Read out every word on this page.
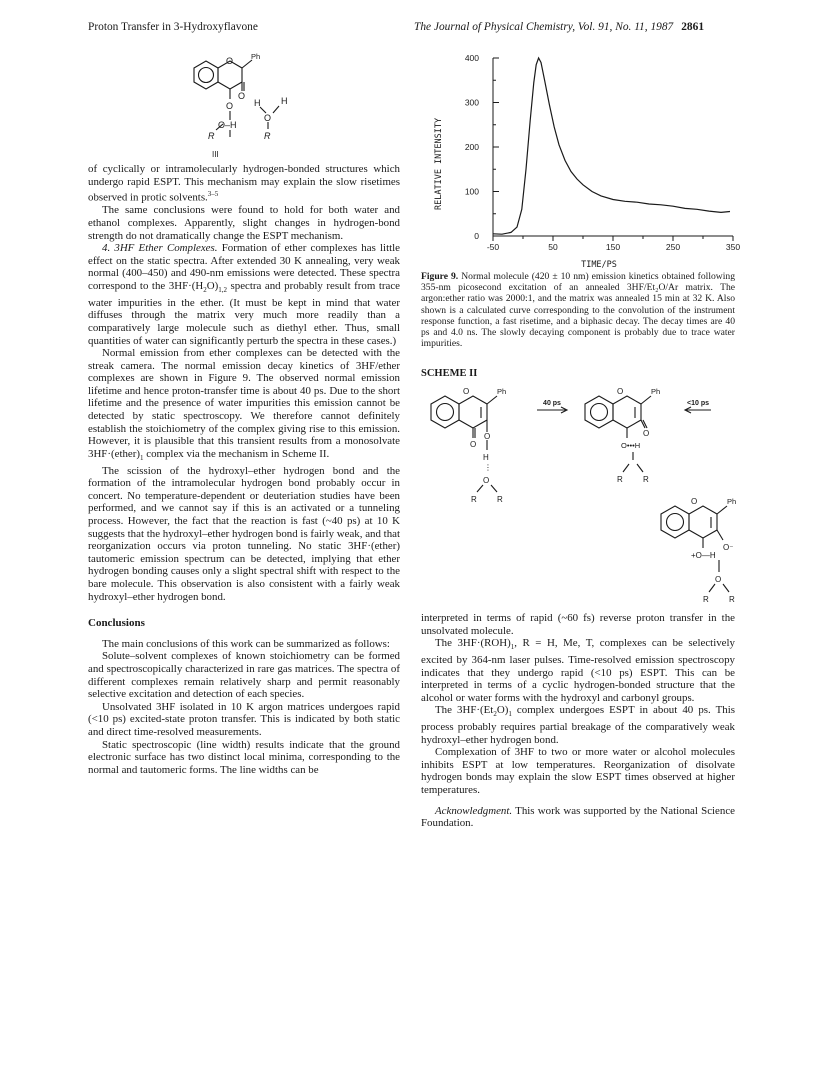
Proton Transfer in 3-Hydroxyflavone	The Journal of Physical Chemistry, Vol. 91, No. 11, 1987 2861
Ph
O
O
O H H
O
O–H
R	R
III

of cyclically or intramolecularly hydrogen-bonded structures which undergo rapid ESPT. This mechanism may explain the slow risetimes observed in protic solvents.$^{3-5}$

The same conclusions were found to hold for both water and ethanol complexes. Apparently, slight changes in hydrogen-bond strength do not dramatically change the ESPT mechanism.

4. 3HF Ether Complexes. Formation of ether complexes has little effect on the static spectra. After extended 30 K annealing, very weak normal (400–450) and 490-nm emissions were detected. These spectra correspond to the $3HF\cdot(H_2O)_{1,2}$ spectra and probably result from trace water impurities in the ether. (It must be kept in mind that water diffuses through the matrix very much more readily than a comparatively large molecule such as diethyl ether. Thus, small quantities of water can significantly perturb the spectra in these cases.)

Normal emission from ether complexes can be detected with the streak camera. The normal emission decay kinetics of 3HF/ether complexes are shown in Figure 9. The observed normal emission lifetime and hence proton-transfer time is about 40 ps. Due to the short lifetime and the presence of water impurities this emission cannot be detected by static spectroscopy. We therefore cannot definitely establish the stoichiometry of the complex giving rise to this emission. However, it is plausible that this transient results from a monosolvate $3HF\cdot(ether)_1$ complex via the mechanism in Scheme II.

The scission of the hydroxyl–ether hydrogen bond and the formation of the intramolecular hydrogen bond probably occur in concert. No temperature-dependent or deuteriation studies have been performed, and we cannot say if this is an activated or a tunneling process. However, the fact that the reaction is fast (~40 ps) at 10 K suggests that the hydroxyl–ether hydrogen bond is fairly weak, and that reorganization occurs via proton tunneling. No static 3HF·(ether) tautomeric emission spectrum can be detected, implying that ether hydrogen bonding causes only a slight spectral shift with respect to the bare molecule. This observation is also consistent with a fairly weak hydroxyl–ether hydrogen bond.

Conclusions

The main conclusions of this work can be summarized as follows:

Solute–solvent complexes of known stoichiometry can be formed and spectroscopically characterized in rare gas matrices. The spectra of different complexes remain relatively sharp and permit reasonably selective excitation and detection of each species.

Unsolvated 3HF isolated in 10 K argon matrices undergoes rapid (<10 ps) excited-state proton transfer. This is indicated by both static and direct time-resolved measurements.

Static spectroscopic (line width) results indicate that the ground electronic surface has two distinct local minima, corresponding to the normal and tautomeric forms. The line widths can be

0
100
200
300
400
-50	50	150	250	350
RELATIVE INTENSITY
TIME/PS
Figure 9. Normal molecule (420 ± 10 nm) emission kinetics obtained following 355-nm picosecond excitation of an annealed 3HF/Et₂O/Ar matrix. The argon:ether ratio was 2000:1, and the matrix was annealed 15 min at 32 K. Also shown is a calculated curve corresponding to the convolution of the instrument response function, a fast risetime, and a biphasic decay. The decay times are 40 ps and 4.0 ns. The slowly decaying component is probably due to trace water impurities.
SCHEME II
O	Ph
O
O
H
⋮
O
R	R
40 ps
O	Ph
O
O•••H
R	R
<10 ps
O	Ph
O⁻
+O—H
O
R	R

interpreted in terms of rapid (~60 fs) reverse proton transfer in the unsolvated molecule.

The $3HF\cdot(ROH)_1$, R = H, Me, T, complexes can be selectively excited by 364-nm laser pulses. Time-resolved emission spectroscopy indicates that they undergo rapid (<10 ps) ESPT. This can be interpreted in terms of a cyclic hydrogen-bonded structure that the alcohol or water forms with the hydroxyl and carbonyl groups.

The $3HF\cdot(Et_2O)_1$ complex undergoes ESPT in about 40 ps. This process probably requires partial breakage of the comparatively weak hydroxyl–ether hydrogen bond.

Complexation of 3HF to two or more water or alcohol molecules inhibits ESPT at low temperatures. Reorganization of disolvate hydrogen bonds may explain the slow ESPT times observed at higher temperatures.

Acknowledgment. This work was supported by the National Science Foundation.
